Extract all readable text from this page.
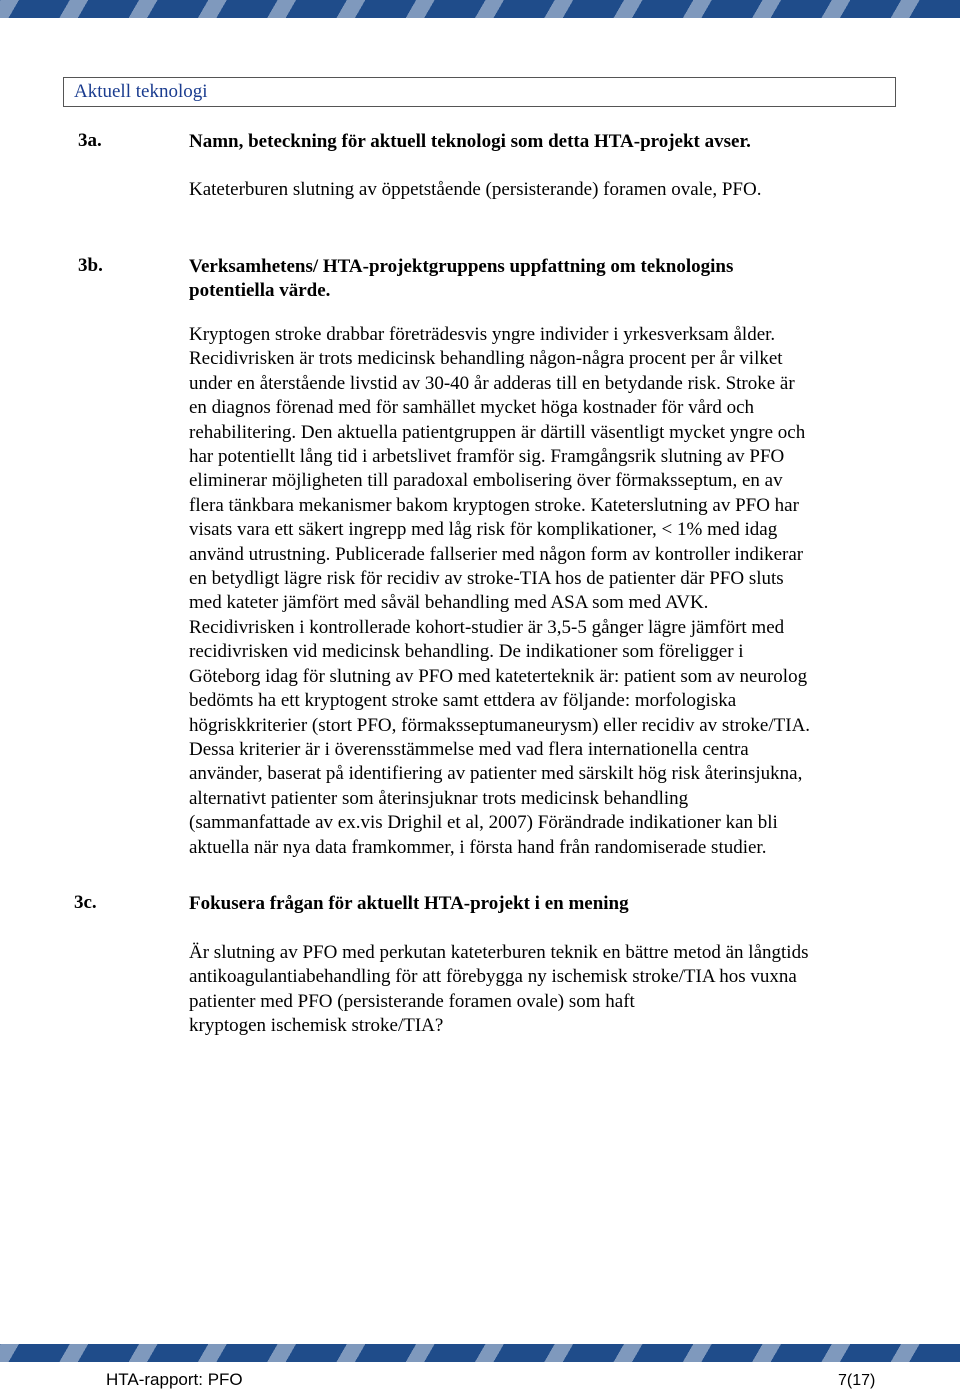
Aktuell teknologi
3a.	Namn, beteckning för aktuell teknologi som detta HTA-projekt avser.
Kateterburen slutning av öppetstående (persisterande) foramen ovale, PFO.
3b.	Verksamhetens/ HTA-projektgruppens uppfattning om teknologins
potentiella värde.

Kryptogen stroke drabbar företrädesvis yngre individer i yrkesverksam ålder.

Recidivrisken är trots medicinsk behandling någon-några procent per år vilket

under en återstående livstid av 30-40 år adderas till en betydande risk. Stroke är

en diagnos förenad med för samhället mycket höga kostnader för vård och

rehabilitering. Den aktuella patientgruppen är därtill väsentligt mycket yngre och

har potentiellt lång tid i arbetslivet framför sig. Framgångsrik slutning av PFO

eliminerar möjligheten till paradoxal embolisering över förmaksseptum, en av

flera tänkbara mekanismer bakom kryptogen stroke. Kateterslutning av PFO har

visats vara ett säkert ingrepp med låg risk för komplikationer, < 1% med idag

använd utrustning. Publicerade fallserier med någon form av kontroller indikerar

en betydligt lägre risk för recidiv av stroke-TIA hos de patienter där PFO sluts

med kateter jämfört med såväl behandling med ASA som med AVK.

Recidivrisken i kontrollerade kohort-studier är 3,5-5 gånger lägre jämfört med

recidivrisken vid medicinsk behandling. De indikationer som föreligger i

Göteborg idag för slutning av PFO med kateterteknik är: patient som av neurolog

bedömts ha ett kryptogent stroke samt ettdera av följande: morfologiska

högriskkriterier (stort PFO, förmaksseptumaneurysm) eller recidiv av stroke/TIA.

Dessa kriterier är i överensstämmelse med vad flera internationella centra

använder, baserat på identifiering av patienter med särskilt hög risk återinsjukna,

alternativt patienter som återinsjuknar trots medicinsk behandling

(sammanfattade av ex.vis Drighil et al, 2007) Förändrade indikationer kan bli

aktuella när nya data framkommer, i första hand från randomiserade studier.

3c.	Fokusera frågan för aktuellt HTA-projekt i en mening

Är slutning av PFO med perkutan kateterburen teknik en bättre metod än långtids

antikoagulantiabehandling för att förebygga ny ischemisk stroke/TIA hos vuxna

patienter med PFO (persisterande foramen ovale) som haft

kryptogen ischemisk stroke/TIA?

HTA-rapport: PFO	7(17)
